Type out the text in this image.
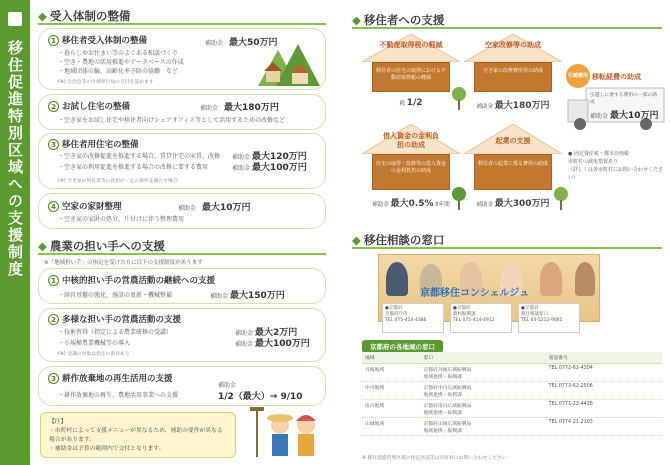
移住促進特別区域への支援制度
◆ 受入体制の整備
1 移住者受入体制の整備
・暮らしやお住まい等のよくある相談づくり
・空き・農地の活用推進やデータベースの作成
・地域団体の輪、高齢化率予防の協働　など
補助金　 最大50万円
(※) 自治会等の区域単位毎の交付を認めます
2 お試し住宅の整備	補助金　 最大180万円
・空き家をお試し住宅や移住者向けシェアオフィス等として活用するための改修など
3 移住者用住宅の整備
・空き家の改修促進を推進する場合、賃貸住宅の家賃、改修
・空き家の利用促進を推進する場合の改修に要する費用
補助金 最大120万円
補助金 最大100万円
(※) 空き家の所有者等の負担が一定の条件を満たす場合
4 空家の家財整理	補助金　 最大10万円
・空き家の家財の処分、片付けに伴う整理費用
◆ 農業の担い手への支援
※「地域担い手」の指定を受けた方に以下の支援制度があります
1 中核的担い手の営農活動の継続への支援
・経営基盤の強化、施設の更新・機械整備	補助金 最大150万円
2 多様な担い手の営農活動の支援
・技術習得（指定による農業研修の受講）
・小規模農業機械等の導入
補助金 最大2万円
補助金 最大100万円
(※) 受講の対象は指定の条件あり
3 耕作放棄地の再生活用の支援
・耕作放棄地の再生、農地活用事業への支援
補助金
1/2（最大）→ 9/10
【注】
・市町村によって支援メニューが異なるため、補助の要件が異なる場合があります。
・補助金は予算の範囲内で交付となります。
◆ 移住者への支援
不動産取得税の軽減
移住者の住宅の取得における不動産取得税の軽減
税 1/2
空家改修等の助成
空き家の改修費用等の助成
補助金 最大180万円
借入資金の金利負担の助成
住宅の取得・改修等の借入資金の金利負担の助成
補助金 最大0.5% 5年間
起業の支援
移住者の起業に係る費用の助成
補助金 最大300万円
引越費用 移転経費の助成
引越しに要する費用の一部の助成
補助金 最大10万円
● 固定資産税・都市計画税
市町村の減免措置あり
（詳しくは各市町村にお問い合わせください）
◆ 移住相談の窓口
京都移住コンシェルジュ
●京都府
京都府庁内
TEL 075-414-4386
●京都府
農村振興課
TEL 075-414-4912
●京都府
移住相談窓口
TEL 03-5212-9001
京都府の各地域の窓口
地域	窓口	電話番号
丹後地域	京都府丹後広域振興局
地域連携・振興課	TEL 0772-62-4304
中丹地域	京都府中丹広域振興局
地域連携・振興課	TEL 0773-62-2506
南丹地域	京都府南丹広域振興局
地域連携・振興課	TEL 0771-23-4438
山城地域	京都府山城広域振興局
地域連携・振興課	TEL 0774-21-2103
※ 移住促進特別区域の指定状況等は市町村にお問い合わせください
